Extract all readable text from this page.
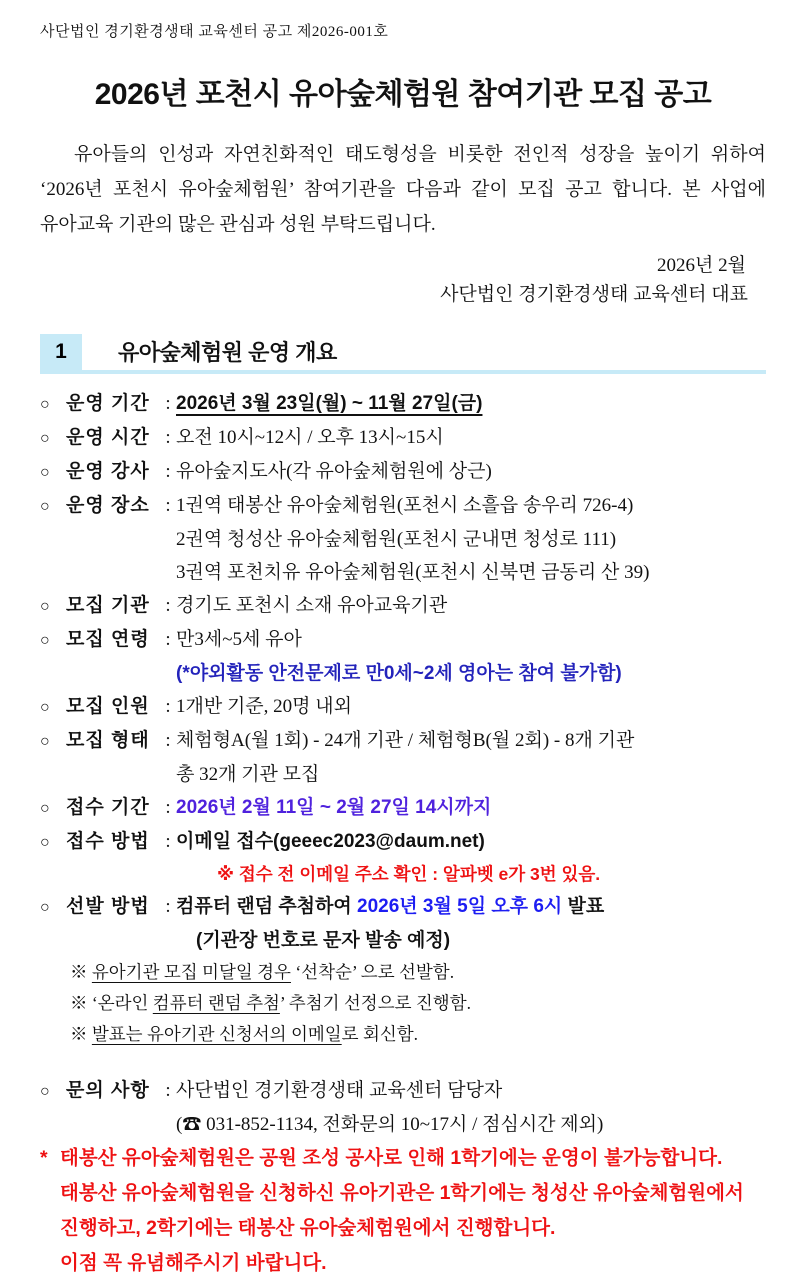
사단법인 경기환경생태 교육센터 공고 제2026-001호
2026년 포천시 유아숲체험원 참여기관 모집 공고
유아들의 인성과 자연친화적인 태도형성을 비롯한 전인적 성장을 높이기 위하여 ‘2026년 포천시 유아숲체험원’ 참여기관을 다음과 같이 모집 공고 합니다. 본 사업에 유아교육 기관의 많은 관심과 성원 부탁드립니다.
2026년 2월
사단법인 경기환경생태 교육센터 대표
1	유아숲체험원 운영 개요
○ 운영 기간 : 2026년 3월 23일(월) ~ 11월 27일(금)
○ 운영 시간 : 오전 10시~12시 / 오후 13시~15시
○ 운영 강사 : 유아숲지도사(각 유아숲체험원에 상근)
○ 운영 장소 : 1권역 태봉산 유아숲체험원(포천시 소흘읍 송우리 726-4)
2권역 청성산 유아숲체험원(포천시 군내면 청성로 111)
3권역 포천치유 유아숲체험원(포천시 신북면 금동리 산 39)
○ 모집 기관 : 경기도 포천시 소재 유아교육기관
○ 모집 연령 : 만3세~5세 유아
(*야외활동 안전문제로 만0세~2세 영아는 참여 불가함)
○ 모집 인원 : 1개반 기준, 20명 내외
○ 모집 형태 : 체험형A(월 1회) - 24개 기관 / 체험형B(월 2회) - 8개 기관
총 32개 기관 모집
○ 접수 기간 : 2026년 2월 11일 ~ 2월 27일 14시까지
○ 접수 방법 : 이메일 접수(geeec2023@daum.net)
※ 접수 전 이메일 주소 확인 : 알파벳 e가 3번 있음.
○ 선발 방법 : 컴퓨터 랜덤 추첨하여 2026년 3월 5일 오후 6시 발표
(기관장 번호로 문자 발송 예정)
※ 유아기관 모집 미달일 경우 ‘선착순’ 으로 선발함.
※ ‘온라인 컴퓨터 랜덤 추첨’ 추첨기 선정으로 진행함.
※ 발표는 유아기관 신청서의 이메일로 회신함.
○ 문의 사항 : 사단법인 경기환경생태 교육센터 담당자
(☎ 031-852-1134, 전화문의 10~17시 / 점심시간 제외)
* 태봉산 유아숲체험원은 공원 조성 공사로 인해 1학기에는 운영이 불가능합니다.
태봉산 유아숲체험원을 신청하신 유아기관은 1학기에는 청성산 유아숲체험원에서
진행하고, 2학기에는 태봉산 유아숲체험원에서 진행합니다.
이점 꼭 유념해주시기 바랍니다.
